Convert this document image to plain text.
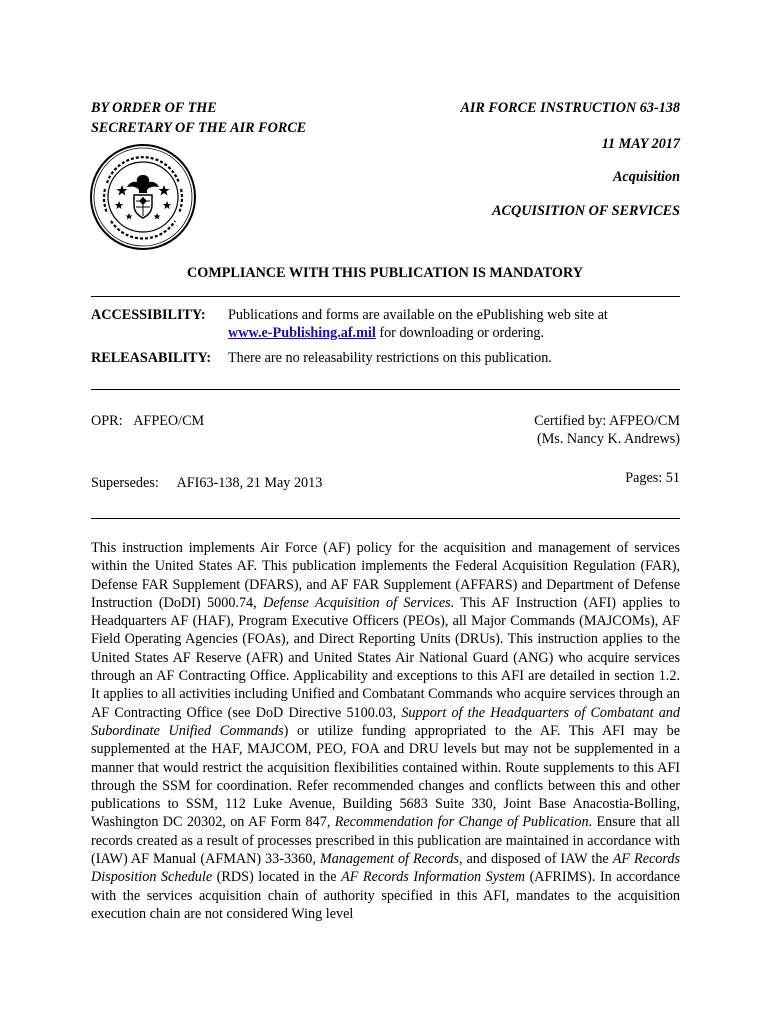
BY ORDER OF THE
SECRETARY OF THE AIR FORCE
AIR FORCE INSTRUCTION 63-138
11 MAY 2017
Acquisition
ACQUISITION OF SERVICES
COMPLIANCE WITH THIS PUBLICATION IS MANDATORY
ACCESSIBILITY: Publications and forms are available on the ePublishing web site at
www.e-Publishing.af.mil for downloading or ordering.
RELEASABILITY: There are no releasability restrictions on this publication.
OPR: AFPEO/CM	Certified by: AFPEO/CM
(Ms. Nancy K. Andrews)
Supersedes: AFI63-138, 21 May 2013	Pages: 51
This instruction implements Air Force (AF) policy for the acquisition and management of services within the United States AF. This publication implements the Federal Acquisition Regulation (FAR), Defense FAR Supplement (DFARS), and AF FAR Supplement (AFFARS) and Department of Defense Instruction (DoDI) 5000.74, Defense Acquisition of Services. This AF Instruction (AFI) applies to Headquarters AF (HAF), Program Executive Officers (PEOs), all Major Commands (MAJCOMs), AF Field Operating Agencies (FOAs), and Direct Reporting Units (DRUs). This instruction applies to the United States AF Reserve (AFR) and United States Air National Guard (ANG) who acquire services through an AF Contracting Office. Applicability and exceptions to this AFI are detailed in section 1.2. It applies to all activities including Unified and Combatant Commands who acquire services through an AF Contracting Office (see DoD Directive 5100.03, Support of the Headquarters of Combatant and Subordinate Unified Commands) or utilize funding appropriated to the AF. This AFI may be supplemented at the HAF, MAJCOM, PEO, FOA and DRU levels but may not be supplemented in a manner that would restrict the acquisition flexibilities contained within. Route supplements to this AFI through the SSM for coordination. Refer recommended changes and conflicts between this and other publications to SSM, 112 Luke Avenue, Building 5683 Suite 330, Joint Base Anacostia-Bolling, Washington DC 20302, on AF Form 847, Recommendation for Change of Publication. Ensure that all records created as a result of processes prescribed in this publication are maintained in accordance with (IAW) AF Manual (AFMAN) 33-3360, Management of Records, and disposed of IAW the AF Records Disposition Schedule (RDS) located in the AF Records Information System (AFRIMS). In accordance with the services acquisition chain of authority specified in this AFI, mandates to the acquisition execution chain are not considered Wing level
